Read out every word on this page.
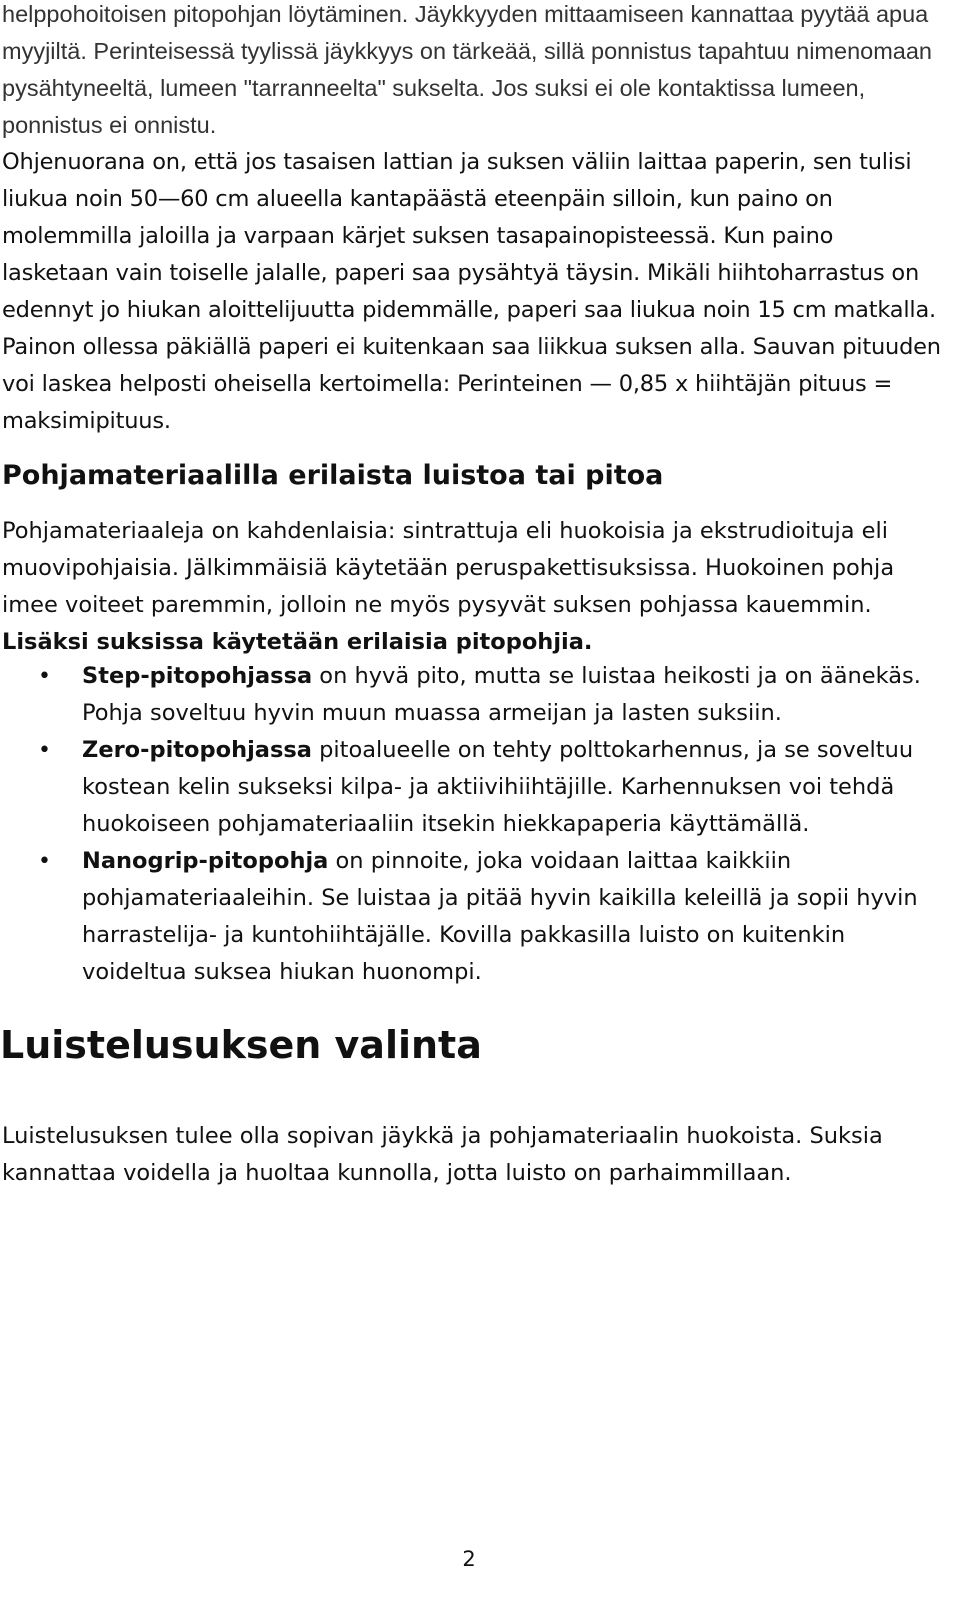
helppohoitoisen pitopohjan löytäminen. Jäykkyyden mittaamiseen kannattaa pyytää apua myyjiltä. Perinteisessä tyylissä jäykkyys on tärkeää, sillä ponnistus tapahtuu nimenomaan pysähtyneeltä, lumeen "tarranneelta" sukselta. Jos suksi ei ole kontaktissa lumeen, ponnistus ei onnistu.

Ohjenuorana on, että jos tasaisen lattian ja suksen väliin laittaa paperin, sen tulisi liukua noin 50—60 cm alueella kantapäästä eteenpäin silloin, kun paino on molemmilla jaloilla ja varpaan kärjet suksen tasapainopisteessä. Kun paino lasketaan vain toiselle jalalle, paperi saa pysähtyä täysin. Mikäli hiihtoharrastus on edennyt jo hiukan aloittelijuutta pidemmälle, paperi saa liukua noin 15 cm matkalla. Painon ollessa päkiällä paperi ei kuitenkaan saa liikkua suksen alla. Sauvan pituuden voi laskea helposti oheisella kertoimella: Perinteinen — 0,85 x hiihtäjän pituus = maksimipituus.

Pohjamateriaalilla erilaista luistoa tai pitoa

Pohjamateriaaleja on kahdenlaisia: sintrattuja eli huokoisia ja ekstrudioituja eli muovipohjaisia. Jälkimmäisiä käytetään peruspakettisuksissa. Huokoinen pohja imee voiteet paremmin, jolloin ne myös pysyvät suksen pohjassa kauemmin. Lisäksi suksissa käytetään erilaisia pitopohjia.

• Step-pitopohjassa on hyvä pito, mutta se luistaa heikosti ja on äänekäs. Pohja soveltuu hyvin muun muassa armeijan ja lasten suksiin.
• Zero-pitopohjassa pitoalueelle on tehty polttokarhennus, ja se soveltuu kostean kelin sukseksi kilpa- ja aktiivihiihtäjille. Karhennuksen voi tehdä huokoiseen pohjamateriaaliin itsekin hiekkapaperia käyttämällä.
• Nanogrip-pitopohja on pinnoite, joka voidaan laittaa kaikkiin pohjamateriaaleihin. Se luistaa ja pitää hyvin kaikilla keleillä ja sopii hyvin harrastelija- ja kuntohiihtäjälle. Kovilla pakkasilla luisto on kuitenkin voideltua suksea hiukan huonompi.
Luistelusuksen valinta

Luistelusuksen tulee olla sopivan jäykkä ja pohjamateriaalin huokoista. Suksia kannattaa voidella ja huoltaa kunnolla, jotta luisto on parhaimmillaan.

2
